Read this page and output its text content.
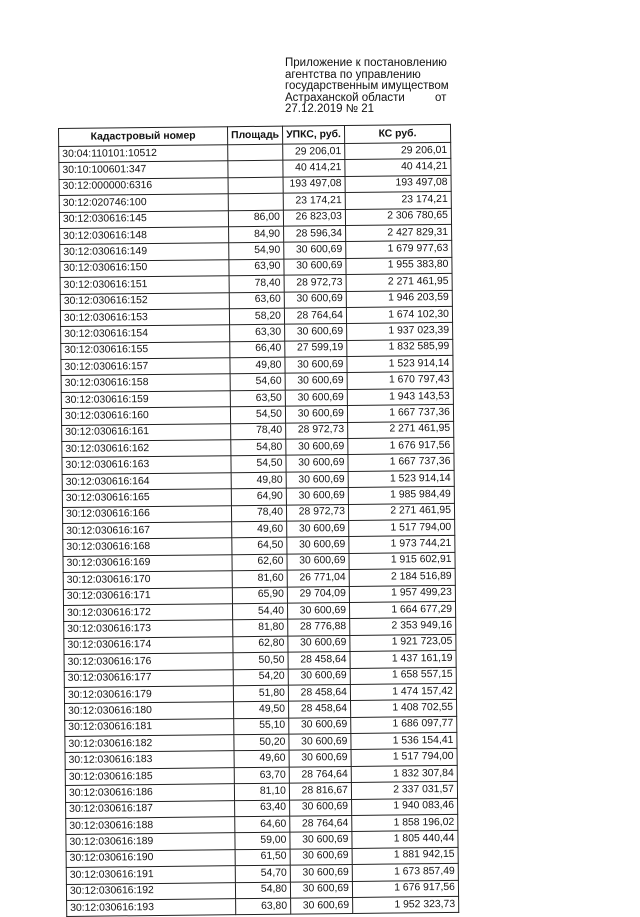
Приложение к постановлению
агентства по управлению
государственным имуществом
Астраханской области	от
27.12.2019 № 21
Кадастровый номер	Площадь	УПКС, руб.	КС руб.
30:04:110101:10512		29 206,01	29 206,01
30:10:100601:347		40 414,21	40 414,21
30:12:000000:6316		193 497,08	193 497,08
30:12:020746:100		23 174,21	23 174,21
30:12:030616:145	86,00	26 823,03	2 306 780,65
30:12:030616:148	84,90	28 596,34	2 427 829,31
30:12:030616:149	54,90	30 600,69	1 679 977,63
30:12:030616:150	63,90	30 600,69	1 955 383,80
30:12:030616:151	78,40	28 972,73	2 271 461,95
30:12:030616:152	63,60	30 600,69	1 946 203,59
30:12:030616:153	58,20	28 764,64	1 674 102,30
30:12:030616:154	63,30	30 600,69	1 937 023,39
30:12:030616:155	66,40	27 599,19	1 832 585,99
30:12:030616:157	49,80	30 600,69	1 523 914,14
30:12:030616:158	54,60	30 600,69	1 670 797,43
30:12:030616:159	63,50	30 600,69	1 943 143,53
30:12:030616:160	54,50	30 600,69	1 667 737,36
30:12:030616:161	78,40	28 972,73	2 271 461,95
30:12:030616:162	54,80	30 600,69	1 676 917,56
30:12:030616:163	54,50	30 600,69	1 667 737,36
30:12:030616:164	49,80	30 600,69	1 523 914,14
30:12:030616:165	64,90	30 600,69	1 985 984,49
30:12:030616:166	78,40	28 972,73	2 271 461,95
30:12:030616:167	49,60	30 600,69	1 517 794,00
30:12:030616:168	64,50	30 600,69	1 973 744,21
30:12:030616:169	62,60	30 600,69	1 915 602,91
30:12:030616:170	81,60	26 771,04	2 184 516,89
30:12:030616:171	65,90	29 704,09	1 957 499,23
30:12:030616:172	54,40	30 600,69	1 664 677,29
30:12:030616:173	81,80	28 776,88	2 353 949,16
30:12:030616:174	62,80	30 600,69	1 921 723,05
30:12:030616:176	50,50	28 458,64	1 437 161,19
30:12:030616:177	54,20	30 600,69	1 658 557,15
30:12:030616:179	51,80	28 458,64	1 474 157,42
30:12:030616:180	49,50	28 458,64	1 408 702,55
30:12:030616:181	55,10	30 600,69	1 686 097,77
30:12:030616:182	50,20	30 600,69	1 536 154,41
30:12:030616:183	49,60	30 600,69	1 517 794,00
30:12:030616:185	63,70	28 764,64	1 832 307,84
30:12:030616:186	81,10	28 816,67	2 337 031,57
30:12:030616:187	63,40	30 600,69	1 940 083,46
30:12:030616:188	64,60	28 764,64	1 858 196,02
30:12:030616:189	59,00	30 600,69	1 805 440,44
30:12:030616:190	61,50	30 600,69	1 881 942,15
30:12:030616:191	54,70	30 600,69	1 673 857,49
30:12:030616:192	54,80	30 600,69	1 676 917,56
30:12:030616:193	63,80	30 600,69	1 952 323,73
